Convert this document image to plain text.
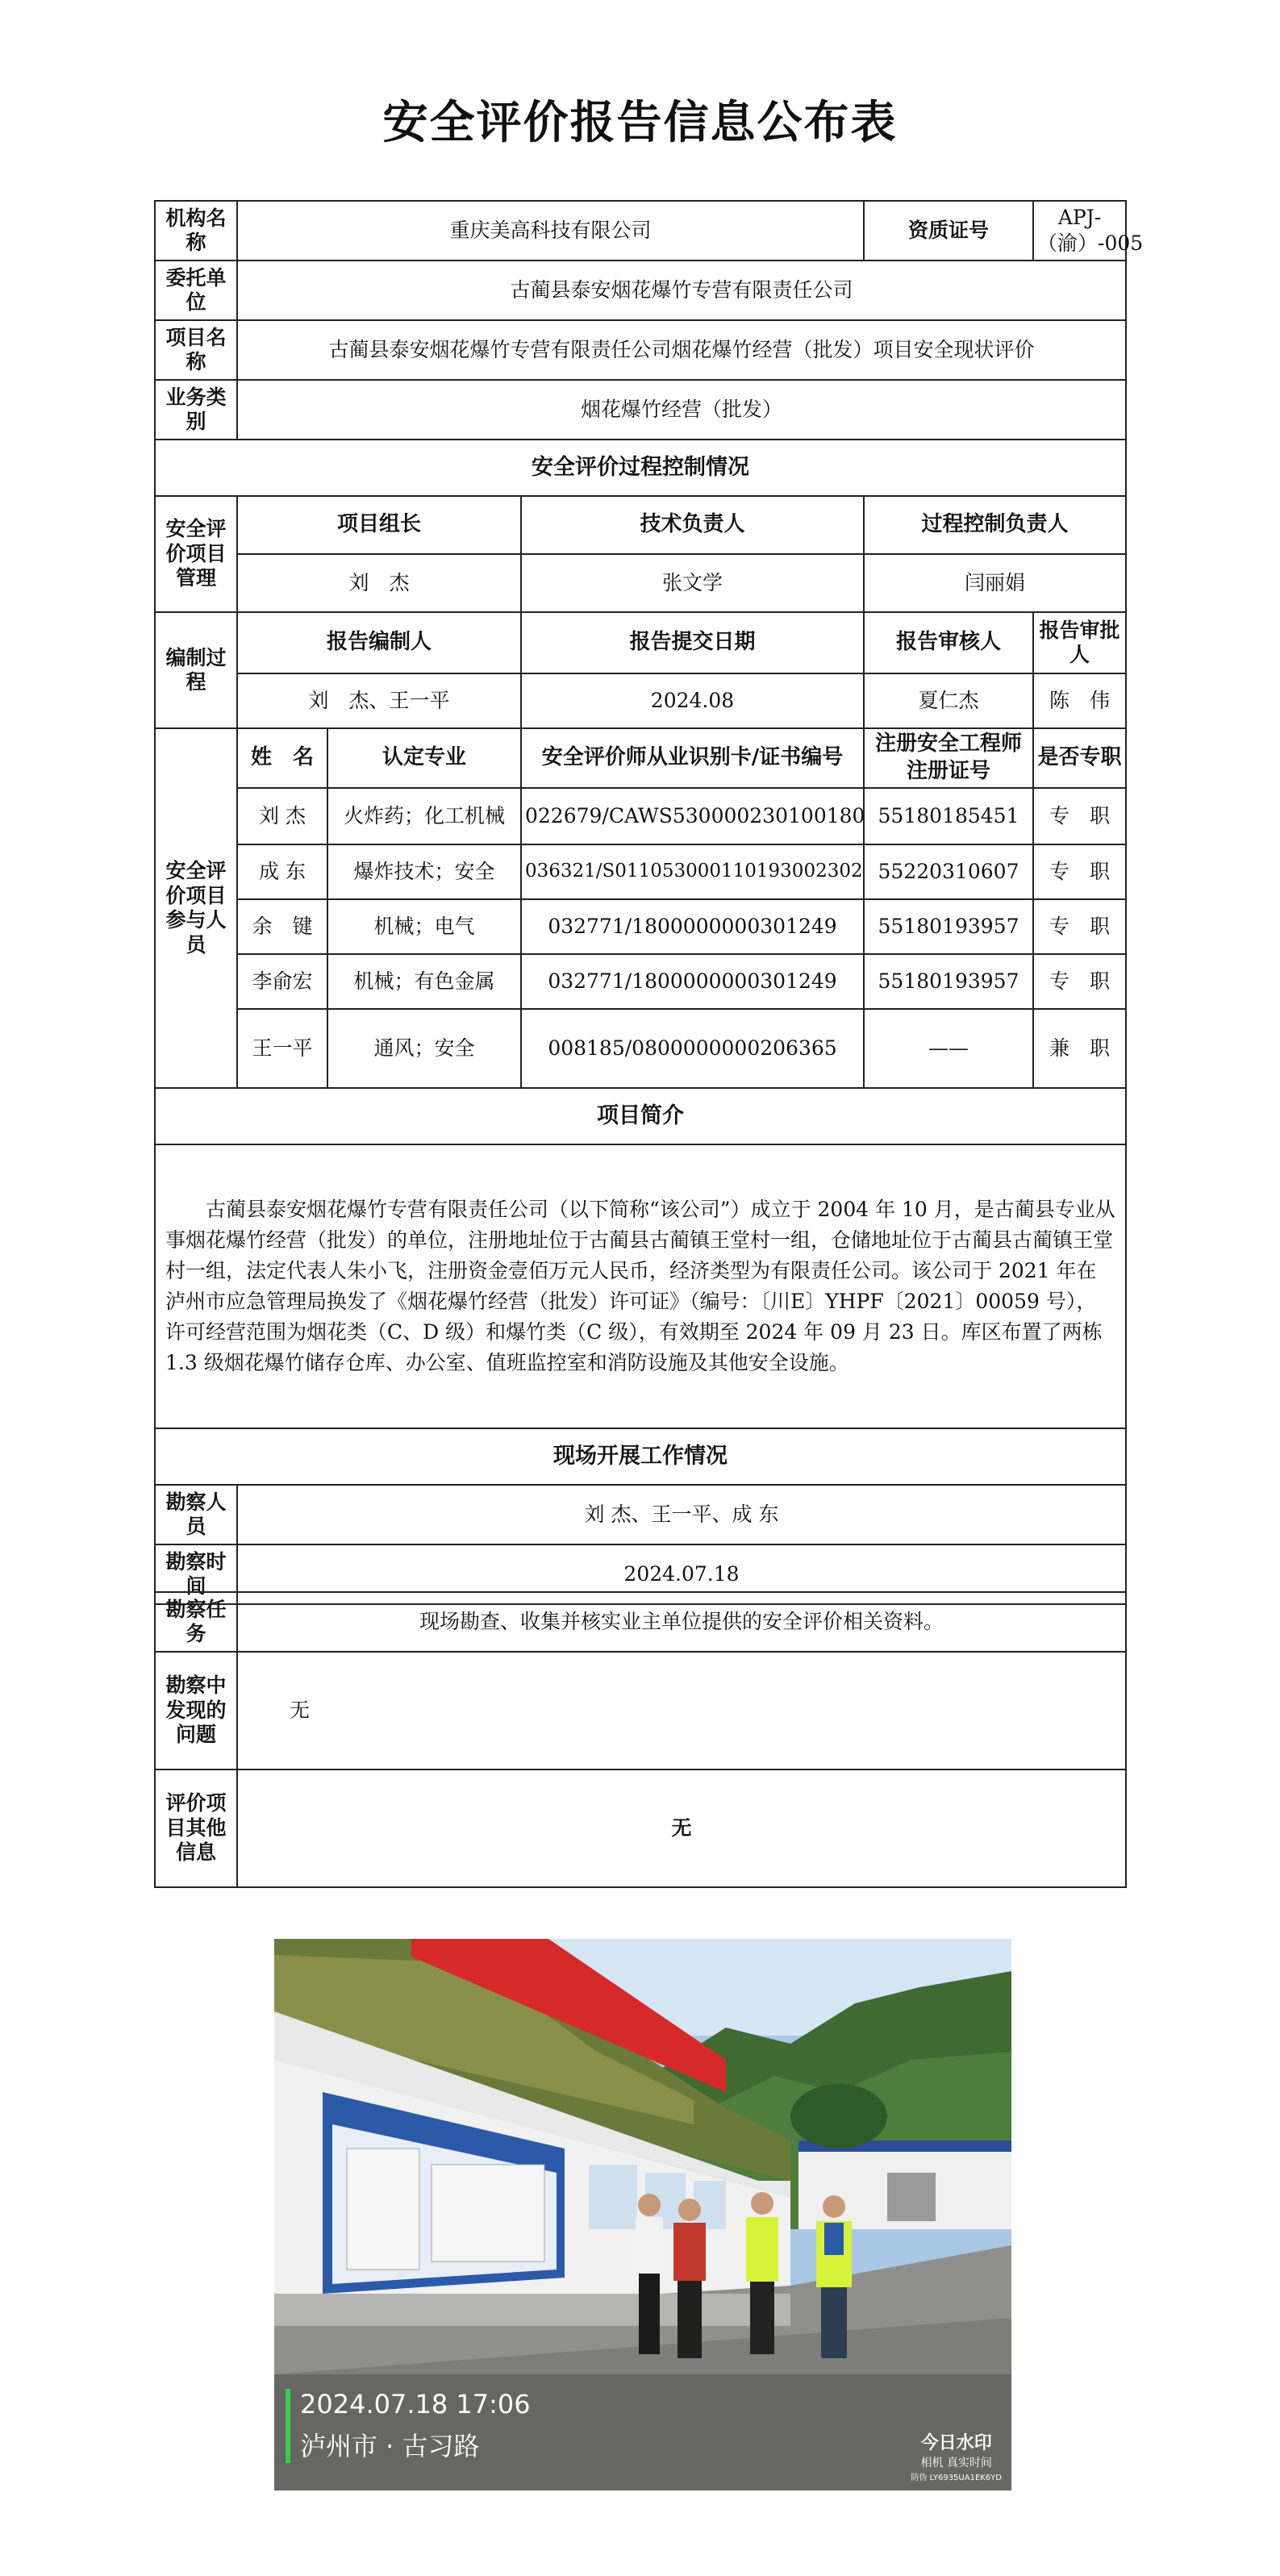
安全评价报告信息公布表
机构名称	重庆美高科技有限公司			资质证号	APJ-（渝）-005
委托单位	古蔺县泰安烟花爆竹专营有限责任公司				
项目名称	古蔺县泰安烟花爆竹专营有限责任公司烟花爆竹经营（批发）项目安全现状评价				
业务类别	烟花爆竹经营（批发）				
安全评价过程控制情况					
安全评价项目管理	项目组长		技术负责人	过程控制负责人	
	刘　杰		张文学	闫丽娟	
编制过程	报告编制人		报告提交日期	报告审核人	报告审批人
	刘　杰、王一平		2024.08	夏仁杰	陈　伟
安全评价项目参与人员	姓　名	认定专业	安全评价师从业识别卡/证书编号	注册安全工程师注册证号	是否专职
	刘 杰	火炸药；化工机械	022679/CAWS530000230100180	55180185451	专　职
	成 东	爆炸技术；安全	036321/S011053000110193002302	55220310607	专　职
	余　键	机械；电气	032771/1800000000301249	55180193957	专　职
	李俞宏	机械；有色金属	032771/1800000000301249	55180193957	专　职
	王一平	通风；安全	008185/0800000000206365	——	兼　职
项目简介					
古蔺县泰安烟花爆竹专营有限责任公司（以下简称“该公司”）成立于 2004 年 10 月，是古蔺县专业从事烟花爆竹经营（批发）的单位，注册地址位于古蔺县古蔺镇王堂村一组，仓储地址位于古蔺县古蔺镇王堂村一组，法定代表人朱小飞，注册资金壹佰万元人民币，经济类型为有限责任公司。该公司于 2021 年在泸州市应急管理局换发了《烟花爆竹经营（批发）许可证》（编号：〔川E〕YHPF〔2021〕00059 号），许可经营范围为烟花类（C、D 级）和爆竹类（C 级），有效期至 2024 年 09 月 23 日。库区布置了两栋 1.3 级烟花爆竹储存仓库、办公室、值班监控室和消防设施及其他安全设施。					
现场开展工作情况					
勘察人员	刘 杰、王一平、成 东				
勘察时间	2024.07.18				
勘察任务	现场勘查、收集并核实业主单位提供的安全评价相关资料。
勘察中发现的问题	无
评价项目其他信息	无
2024.07.18 17:06
泸州市 · 古习路	今日水印
相机 真实时间
防伪 LY6935UA1EK6YD
